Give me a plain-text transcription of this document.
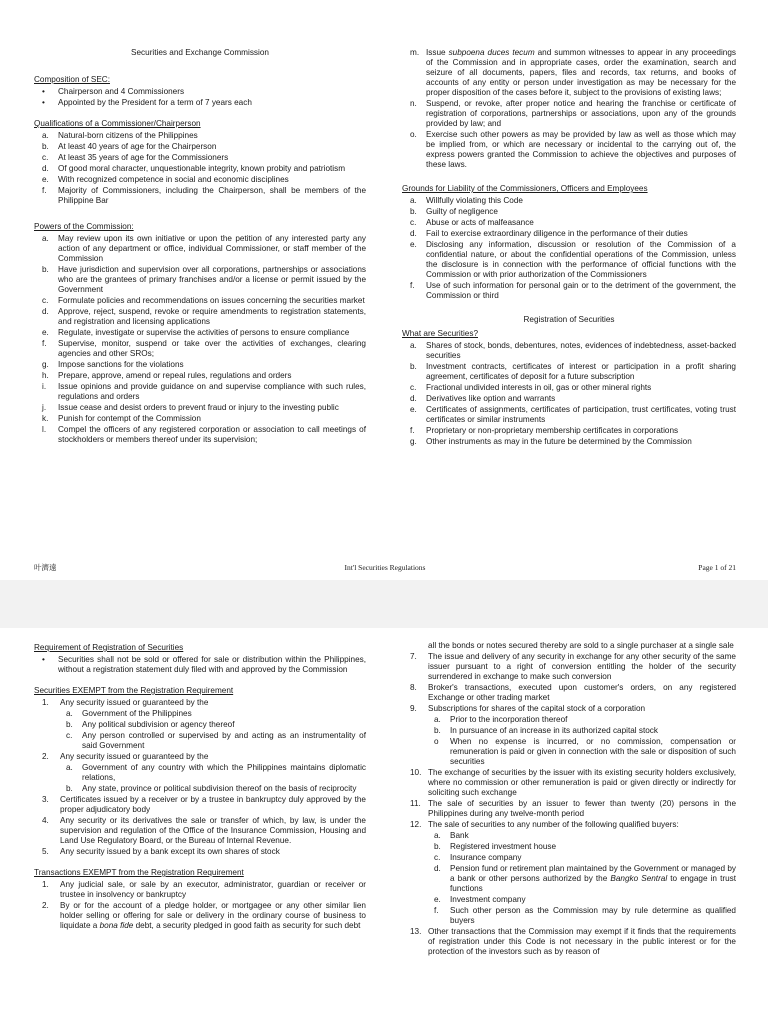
Securities and Exchange Commission
Composition of SEC:
•	Chairperson and 4 Commissioners
•	Appointed by the President for a term of 7 years each
Qualifications of a Commissioner/Chairperson
a.	Natural-born citizens of the Philippines
b.	At least 40 years of age for the Chairperson
c.	At least 35 years of age for the Commissioners
d.	Of good moral character, unquestionable integrity, known probity and patriotism
e.	With recognized competence in social and economic disciplines
f.	Majority of Commissioners, including the Chairperson, shall be members of the Philippine Bar
Powers of the Commission:
a.	May review upon its own initiative or upon the petition of any interested party any action of any department or office, individual Commissioner, or staff member of the Commission
b.	Have jurisdiction and supervision over all corporations, partnerships or associations who are the grantees of primary franchises and/or a license or permit issued by the Government
c.	Formulate policies and recommendations on issues concerning the securities market
d.	Approve, reject, suspend, revoke or require amendments to registration statements, and registration and licensing applications
e.	Regulate, investigate or supervise the activities of persons to ensure compliance
f.	Supervise, monitor, suspend or take over the activities of exchanges, clearing agencies and other SROs;
g.	Impose sanctions for the violations
h.	Prepare, approve, amend or repeal rules, regulations and orders
i.	Issue opinions and provide guidance on and supervise compliance with such rules, regulations and orders
j.	Issue cease and desist orders to prevent fraud or injury to the investing public
k.	Punish for contempt of the Commission
l.	Compel the officers of any registered corporation or association to call meetings of stockholders or members thereof under its supervision;
m. Issue subpoena duces tecum and summon witnesses to appear in any proceedings of the Commission and in appropriate cases, order the examination, search and seizure of all documents, papers, files and records, tax returns, and books of accounts of any entity or person under investigation as may be necessary for the proper disposition of the cases before it, subject to the provisions of existing laws;
n.	Suspend, or revoke, after proper notice and hearing the franchise or certificate of registration of corporations, partnerships or associations, upon any of the grounds provided by law; and
o.	Exercise such other powers as may be provided by law as well as those which may be implied from, or which are necessary or incidental to the carrying out of, the express powers granted the Commission to achieve the objectives and purposes of these laws.
Grounds for Liability of the Commissioners, Officers and Employees
a.	Willfully violating this Code
b.	Guilty of negligence
c.	Abuse or acts of malfeasance
d.	Fail to exercise extraordinary diligence in the performance of their duties
e.	Disclosing any information, discussion or resolution of the Commission of a confidential nature, or about the confidential operations of the Commission, unless the disclosure is in connection with the performance of official functions with the Commission or with prior authorization of the Commissioners
f.	Use of such information for personal gain or to the detriment of the government, the Commission or third
Registration of Securities
What are Securities?
a.	Shares of stock, bonds, debentures, notes, evidences of indebtedness, asset-backed securities
b.	Investment contracts, certificates of interest or participation in a profit sharing agreement, certificates of deposit for a future subscription
c.	Fractional undivided interests in oil, gas or other mineral rights
d.	Derivatives like option and warrants
e.	Certificates of assignments, certificates of participation, trust certificates, voting trust certificates or similar instruments
f.	Proprietary or non-proprietary membership certificates in corporations
g.	Other instruments as may in the future be determined by the Commission
叶濟遠	Int'l Securities Regulations	Page 1 of 21
Requirement of Registration of Securities
•	Securities shall not be sold or offered for sale or distribution within the Philippines, without a registration statement duly filed with and approved by the Commission
Securities EXEMPT from the Registration Requirement
1.	Any security issued or guaranteed by the
a.	Government of the Philippines
b.	Any political subdivision or agency thereof
c.	Any person controlled or supervised by and acting as an instrumentality of said Government
2.	Any security issued or guaranteed by the
a.	Government of any country with which the Philippines maintains diplomatic relations,
b.	Any state, province or political subdivision thereof on the basis of reciprocity
3.	Certificates issued by a receiver or by a trustee in bankruptcy duly approved by the proper adjudicatory body
4.	Any security or its derivatives the sale or transfer of which, by law, is under the supervision and regulation of the Office of the Insurance Commission, Housing and Land Use Regulatory Board, or the Bureau of Internal Revenue.
5.	Any security issued by a bank except its own shares of stock
Transactions EXEMPT from the Registration Requirement
1.	Any judicial sale, or sale by an executor, administrator, guardian or receiver or trustee in insolvency or bankruptcy
2.	By or for the account of a pledge holder, or mortgagee or any other similar lien holder selling or offering for sale or delivery in the ordinary course of business to liquidate a bona fide debt, a security pledged in good faith as security for such debt
all the bonds or notes secured thereby are sold to a single purchaser at a single sale
7.	The issue and delivery of any security in exchange for any other security of the same issuer pursuant to a right of conversion entitling the holder of the security surrendered in exchange to make such conversion
8.	Broker's transactions, executed upon customer's orders, on any registered Exchange or other trading market
9.	Subscriptions for shares of the capital stock of a corporation
a.	Prior to the incorporation thereof
b.	In pursuance of an increase in its authorized capital stock
o	When no expense is incurred, or no commission, compensation or remuneration is paid or given in connection with the sale or disposition of such securities
10. The exchange of securities by the issuer with its existing security holders exclusively, where no commission or other remuneration is paid or given directly or indirectly for soliciting such exchange
11. The sale of securities by an issuer to fewer than twenty (20) persons in the Philippines during any twelve-month period
12. The sale of securities to any number of the following qualified buyers:
a.	Bank
b.	Registered investment house
c.	Insurance company
d.	Pension fund or retirement plan maintained by the Government or managed by a bank or other persons authorized by the Bangko Sentral to engage in trust functions
e.	Investment company
f.	Such other person as the Commission may by rule determine as qualified buyers
13. Other transactions that the Commission may exempt if it finds that the requirements of registration under this Code is not necessary in the public interest or for the protection of the investors such as by reason of
